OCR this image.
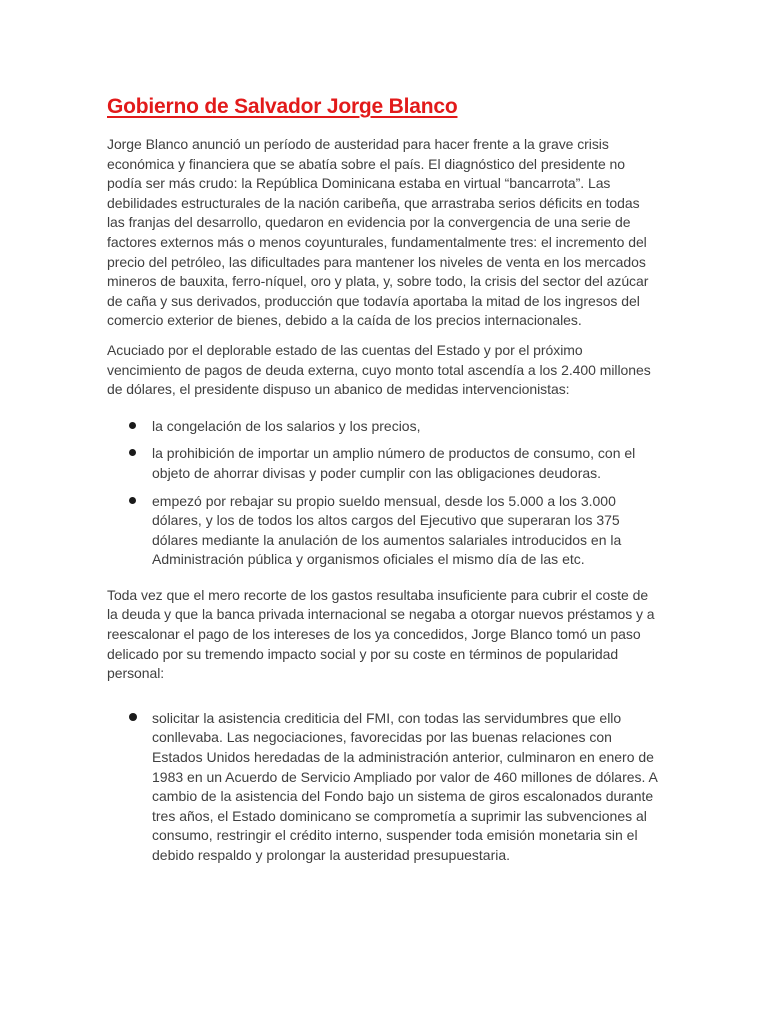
Gobierno de Salvador Jorge Blanco

Jorge Blanco anunció un período de austeridad para hacer frente a la grave crisis económica y financiera que se abatía sobre el país. El diagnóstico del presidente no podía ser más crudo: la República Dominicana estaba en virtual “bancarrota”. Las debilidades estructurales de la nación caribeña, que arrastraba serios déficits en todas las franjas del desarrollo, quedaron en evidencia por la convergencia de una serie de factores externos más o menos coyunturales, fundamentalmente tres: el incremento del precio del petróleo, las dificultades para mantener los niveles de venta en los mercados mineros de bauxita, ferro-níquel, oro y plata, y, sobre todo, la crisis del sector del azúcar de caña y sus derivados, producción que todavía aportaba la mitad de los ingresos del comercio exterior de bienes, debido a la caída de los precios internacionales.

Acuciado por el deplorable estado de las cuentas del Estado y por el próximo vencimiento de pagos de deuda externa, cuyo monto total ascendía a los 2.400 millones de dólares, el presidente dispuso un abanico de medidas intervencionistas:

la congelación de los salarios y los precios,
la prohibición de importar un amplio número de productos de consumo, con el objeto de ahorrar divisas y poder cumplir con las obligaciones deudoras.
empezó por rebajar su propio sueldo mensual, desde los 5.000 a los 3.000 dólares, y los de todos los altos cargos del Ejecutivo que superaran los 375 dólares mediante la anulación de los aumentos salariales introducidos en la Administración pública y organismos oficiales el mismo día de las etc.

Toda vez que el mero recorte de los gastos resultaba insuficiente para cubrir el coste de la deuda y que la banca privada internacional se negaba a otorgar nuevos préstamos y a reescalonar el pago de los intereses de los ya concedidos, Jorge Blanco tomó un paso delicado por su tremendo impacto social y por su coste en términos de popularidad personal:

solicitar la asistencia crediticia del FMI, con todas las servidumbres que ello conllevaba. Las negociaciones, favorecidas por las buenas relaciones con Estados Unidos heredadas de la administración anterior, culminaron en enero de 1983 en un Acuerdo de Servicio Ampliado por valor de 460 millones de dólares. A cambio de la asistencia del Fondo bajo un sistema de giros escalonados durante tres años, el Estado dominicano se comprometía a suprimir las subvenciones al consumo, restringir el crédito interno, suspender toda emisión monetaria sin el debido respaldo y prolongar la austeridad presupuestaria.
